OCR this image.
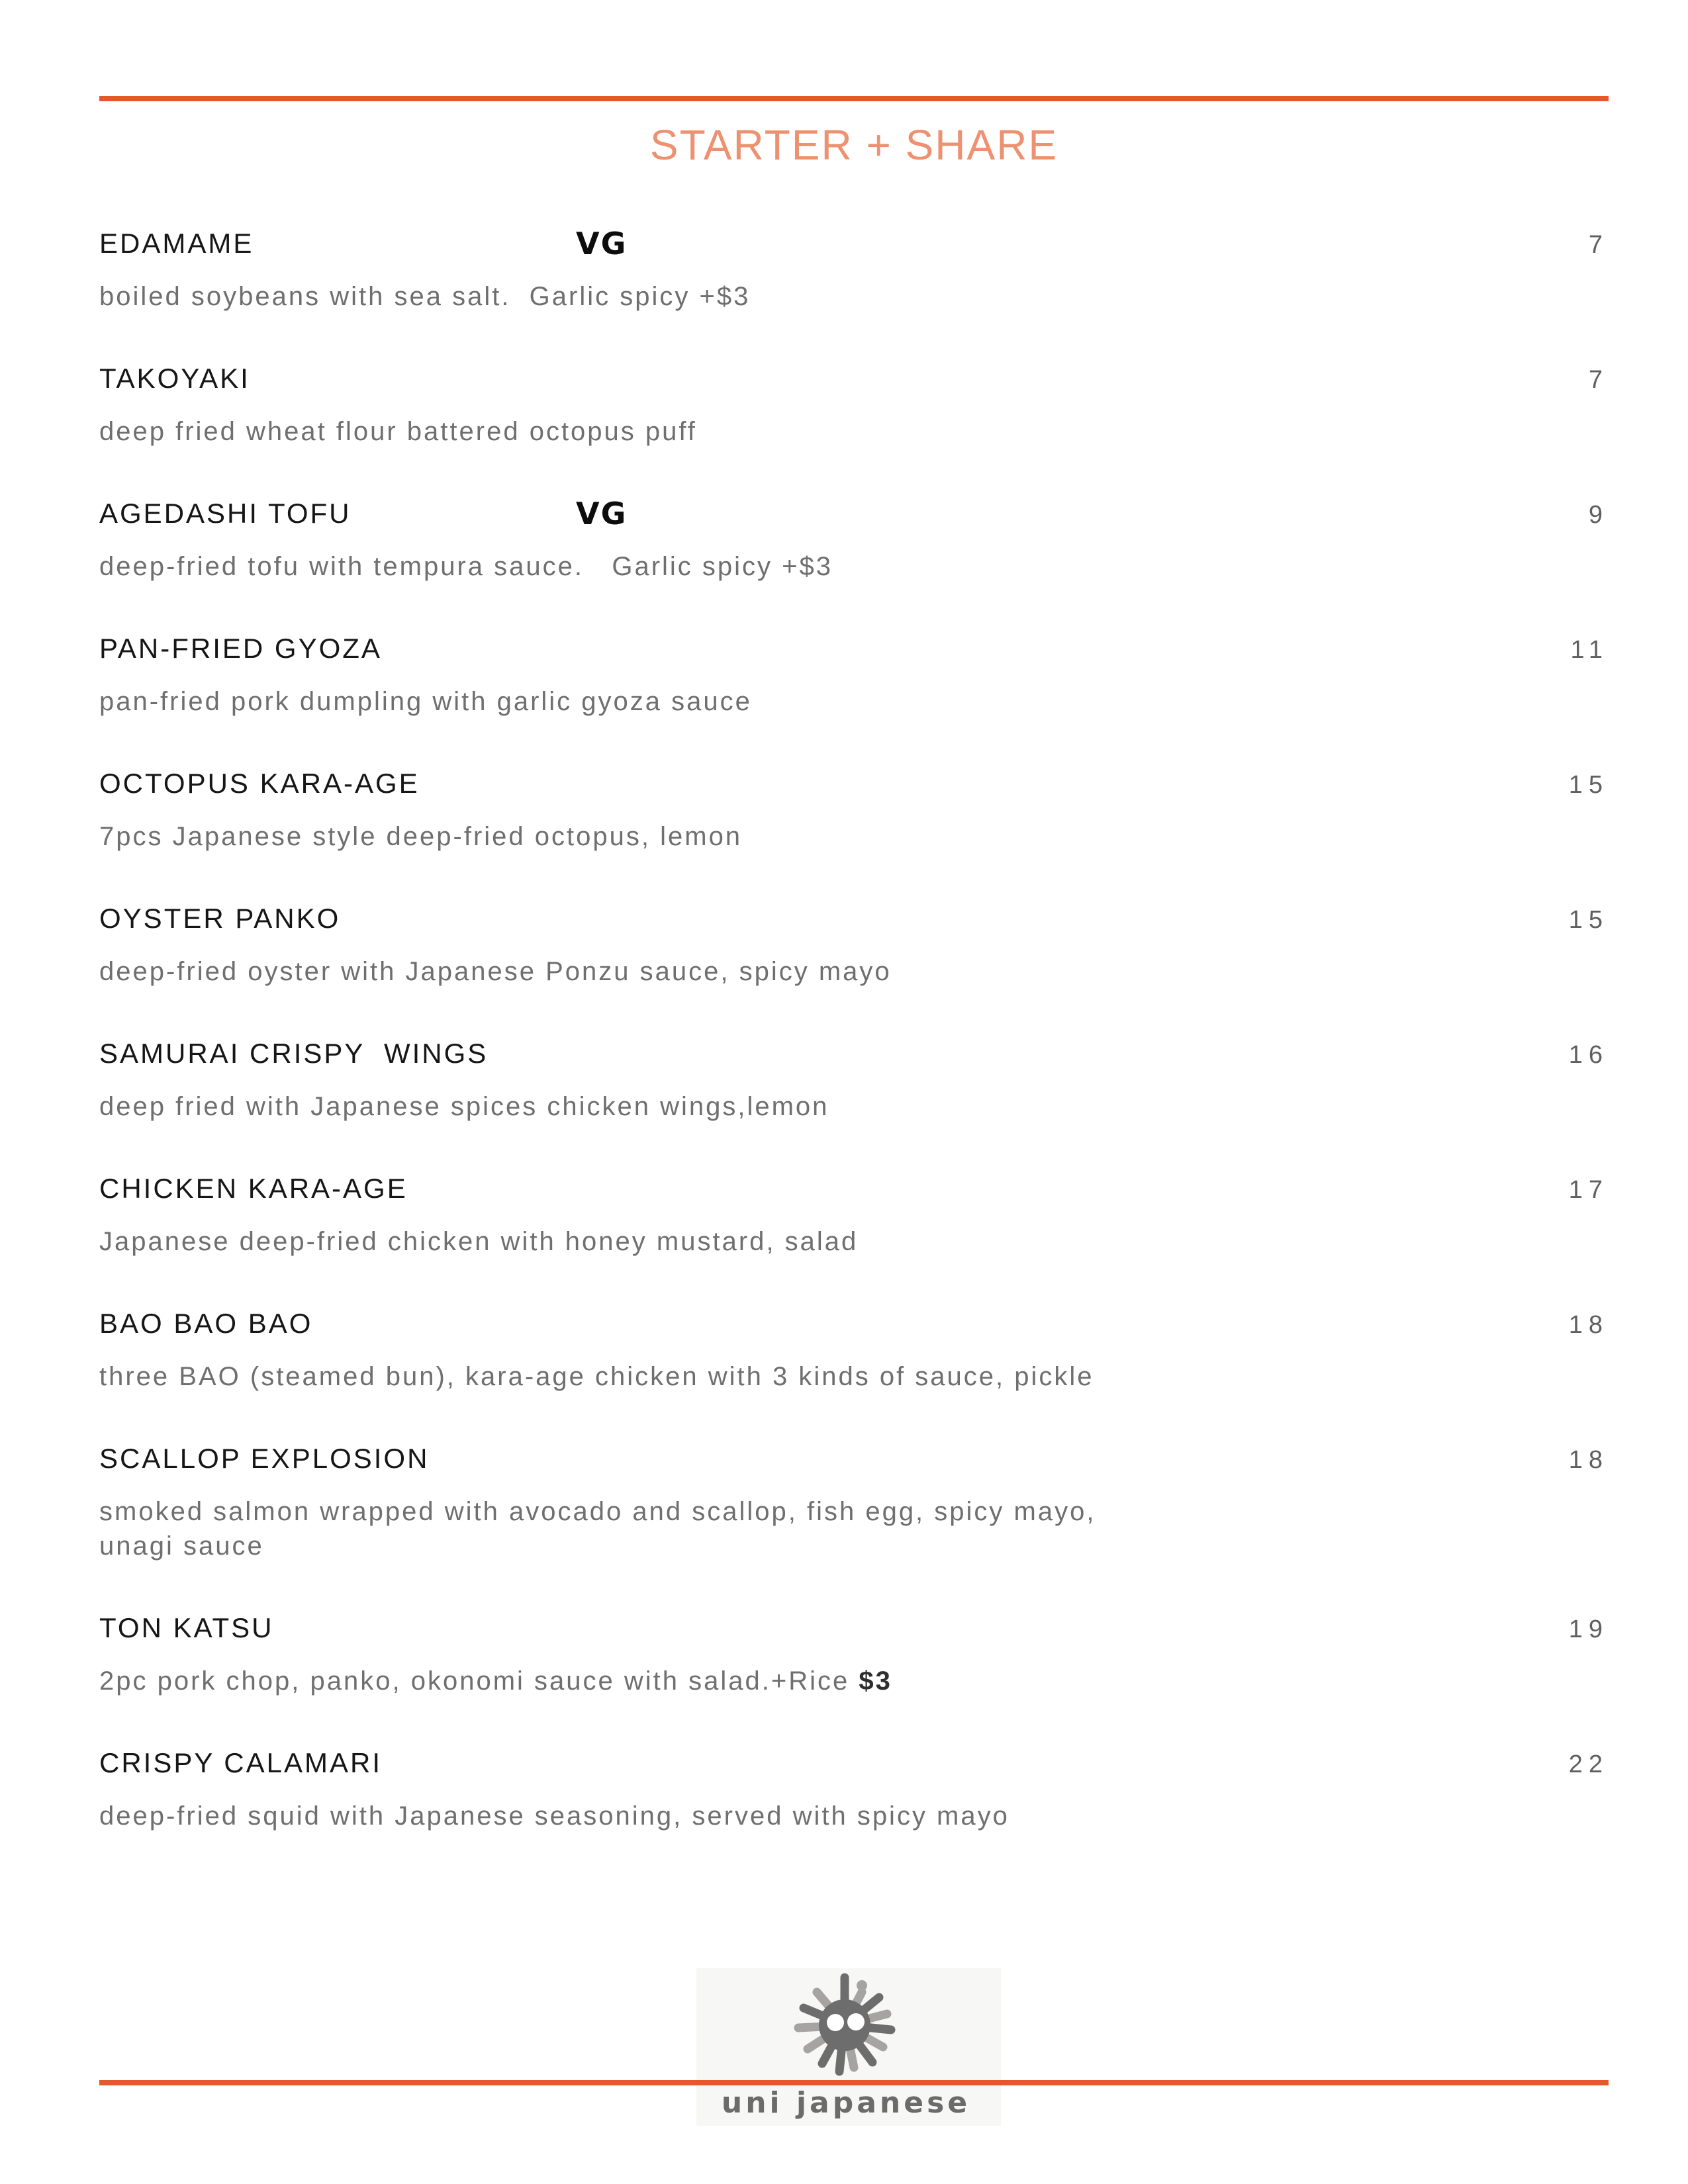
STARTER + SHARE
EDAMAME	VG	7
boiled soybeans with sea salt.  Garlic spicy +$3
TAKOYAKI	7
deep fried wheat flour battered octopus puff
AGEDASHI TOFU	VG	9
deep-fried tofu with tempura sauce.   Garlic spicy +$3
PAN-FRIED GYOZA	11
pan-fried pork dumpling with garlic gyoza sauce
OCTOPUS KARA-AGE	15
7pcs Japanese style deep-fried octopus, lemon
OYSTER PANKO	15
deep-fried oyster with Japanese Ponzu sauce, spicy mayo
SAMURAI CRISPY  WINGS	16
deep fried with Japanese spices chicken wings,lemon
CHICKEN KARA-AGE	17
Japanese deep-fried chicken with honey mustard, salad
BAO BAO BAO	18
three BAO (steamed bun), kara-age chicken with 3 kinds of sauce, pickle
SCALLOP EXPLOSION	18
smoked salmon wrapped with avocado and scallop, fish egg, spicy mayo,
unagi sauce
TON KATSU	19
2pc pork chop, panko, okonomi sauce with salad.+Rice $3
CRISPY CALAMARI	22
deep-fried squid with Japanese seasoning, served with spicy mayo
uni japanese
